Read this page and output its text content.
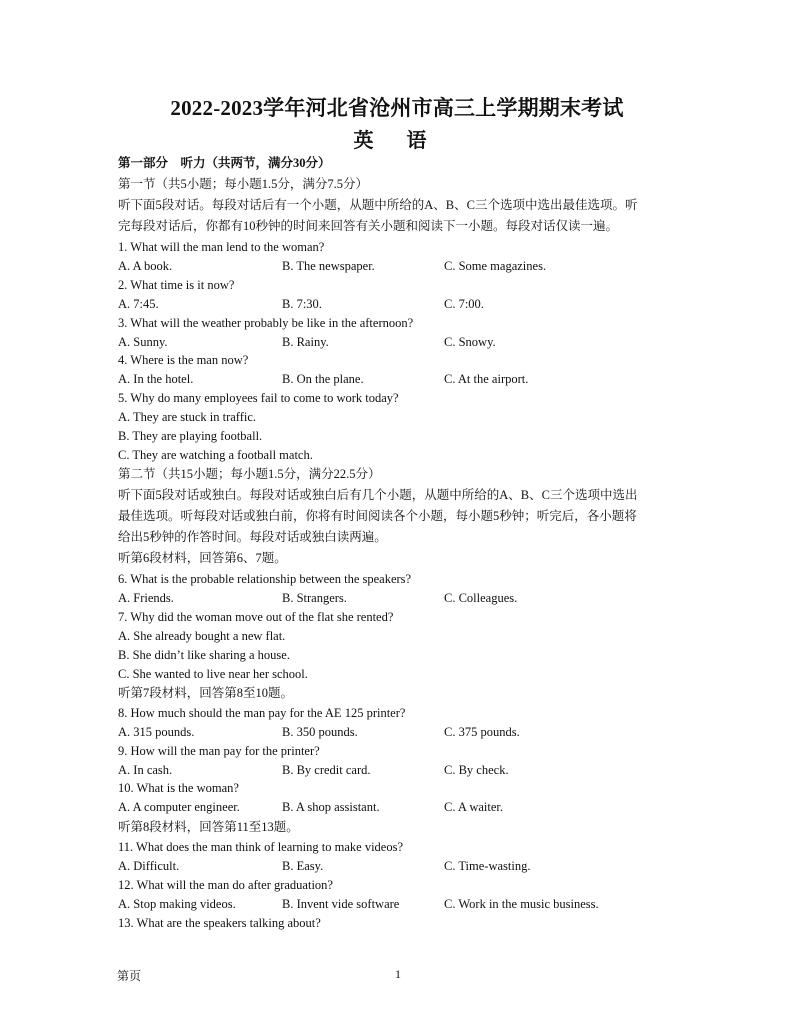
2022-2023学年河北省沧州市高三上学期期末考试
英 语
第一部分　听力（共两节，满分30分）
第一节（共5小题；每小题1.5分，满分7.5分）
听下面5段对话。每段对话后有一个小题，从题中所给的A、B、C三个选项中选出最佳选项。听
完每段对话后，你都有10秒钟的时间来回答有关小题和阅读下一小题。每段对话仅读一遍。
1. What will the man lend to the woman?
A. A book.	B. The newspaper.	C. Some magazines.
2. What time is it now?
A. 7:45.	B. 7:30.	C. 7:00.
3. What will the weather probably be like in the afternoon?
A. Sunny.	B. Rainy.	C. Snowy.
4. Where is the man now?
A. In the hotel.	B. On the plane.	C. At the airport.
5. Why do many employees fail to come to work today?
A. They are stuck in traffic.
B. They are playing football.
C. They are watching a football match.
第二节（共15小题；每小题1.5分，满分22.5分）
听下面5段对话或独白。每段对话或独白后有几个小题，从题中所给的A、B、C三个选项中选出
最佳选项。听每段对话或独白前，你将有时间阅读各个小题，每小题5秒钟；听完后，各小题将
给出5秒钟的作答时间。每段对话或独白读两遍。
听第6段材料，回答第6、7题。
6. What is the probable relationship between the speakers?
A. Friends.	B. Strangers.	C. Colleagues.
7. Why did the woman move out of the flat she rented?
A. She already bought a new flat.
B. She didn’t like sharing a house.
C. She wanted to live near her school.
听第7段材料，回答第8至10题。
8. How much should the man pay for the AE 125 printer?
A. 315 pounds.	B. 350 pounds.	C. 375 pounds.
9. How will the man pay for the printer?
A. In cash.	B. By credit card.	C. By check.
10. What is the woman?
A. A computer engineer.	B. A shop assistant.	C. A waiter.
听第8段材料，回答第11至13题。
11. What does the man think of learning to make videos?
A. Difficult.	B. Easy.	C. Time-wasting.
12. What will the man do after graduation?
A. Stop making videos.	B. Invent vide software	C. Work in the music business.
13. What are the speakers talking about?
第页	1
